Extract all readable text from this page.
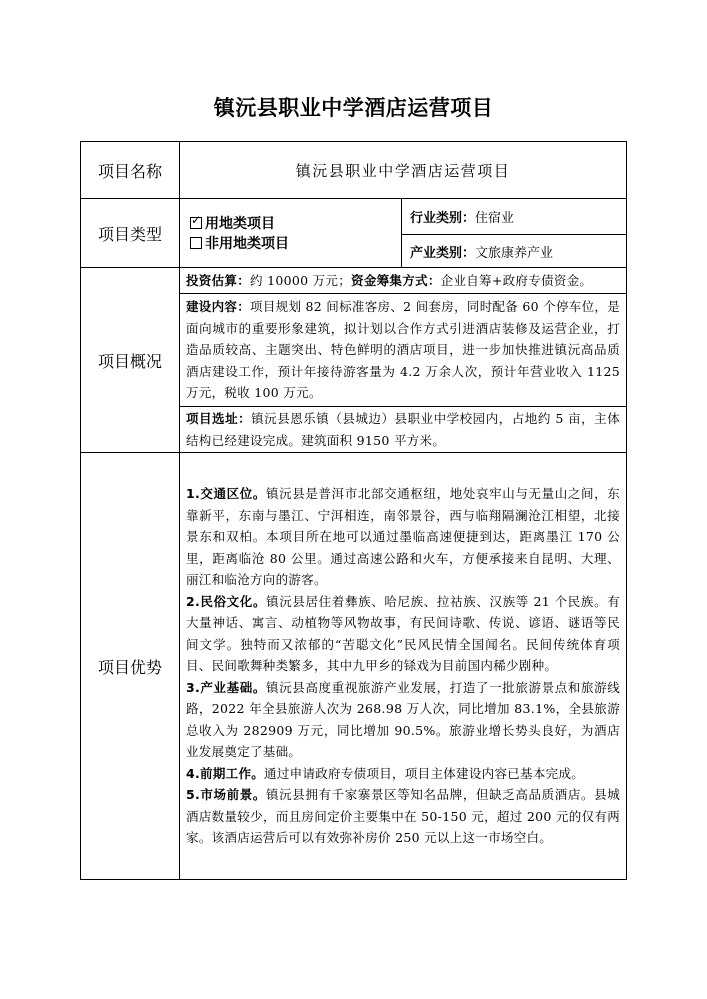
镇沅县职业中学酒店运营项目
项目名称	镇沅县职业中学酒店运营项目	
项目类型	✓用地类项目 非用地类项目	行业类别：住宿业
		产业类别：文旅康养产业
项目概况	投资估算：约 10000 万元；资金筹集方式：企业自筹+政府专债资金。	
	建设内容：项目规划 82 间标准客房、2 间套房，同时配备 60 个停车位，是面向城市的重要形象建筑，拟计划以合作方式引进酒店装修及运营企业，打造品质较高、主题突出、特色鲜明的酒店项目，进一步加快推进镇沅高品质酒店建设工作，预计年接待游客量为 4.2 万余人次，预计年营业收入 1125 万元，税收 100 万元。	
	项目选址：镇沅县恩乐镇（县城边）县职业中学校园内，占地约 5 亩，主体结构已经建设完成。建筑面积 9150 平方米。	
项目优势	1.交通区位。镇沅县是普洱市北部交通枢纽，地处哀牢山与无量山之间，东靠新平，东南与墨江、宁洱相连，南邻景谷，西与临翔隔澜沧江相望，北接景东和双柏。本项目所在地可以通过墨临高速便捷到达，距离墨江 170 公里，距离临沧 80 公里。通过高速公路和火车，方便承接来自昆明、大理、丽江和临沧方向的游客。
2.民俗文化。镇沅县居住着彝族、哈尼族、拉祜族、汉族等 21 个民族。有大量神话、寓言、动植物等风物故事，有民间诗歌、传说、谚语、谜语等民间文学。独特而又浓郁的“苦聪文化”民风民情全国闻名。民间传统体育项目、民间歌舞种类繁多，其中九甲乡的铩戏为目前国内稀少剧种。
3.产业基础。镇沅县高度重视旅游产业发展，打造了一批旅游景点和旅游线路，2022 年全县旅游人次为 268.98 万人次，同比增加 83.1%，全县旅游总收入为 282909 万元，同比增加 90.5%。旅游业增长势头良好，为酒店业发展奠定了基础。
4.前期工作。通过申请政府专债项目，项目主体建设内容已基本完成。
5.市场前景。镇沅县拥有千家寨景区等知名品牌，但缺乏高品质酒店。县城酒店数量较少，而且房间定价主要集中在 50-150 元，超过 200 元的仅有两家。该酒店运营后可以有效弥补房价 250 元以上这一市场空白。	
